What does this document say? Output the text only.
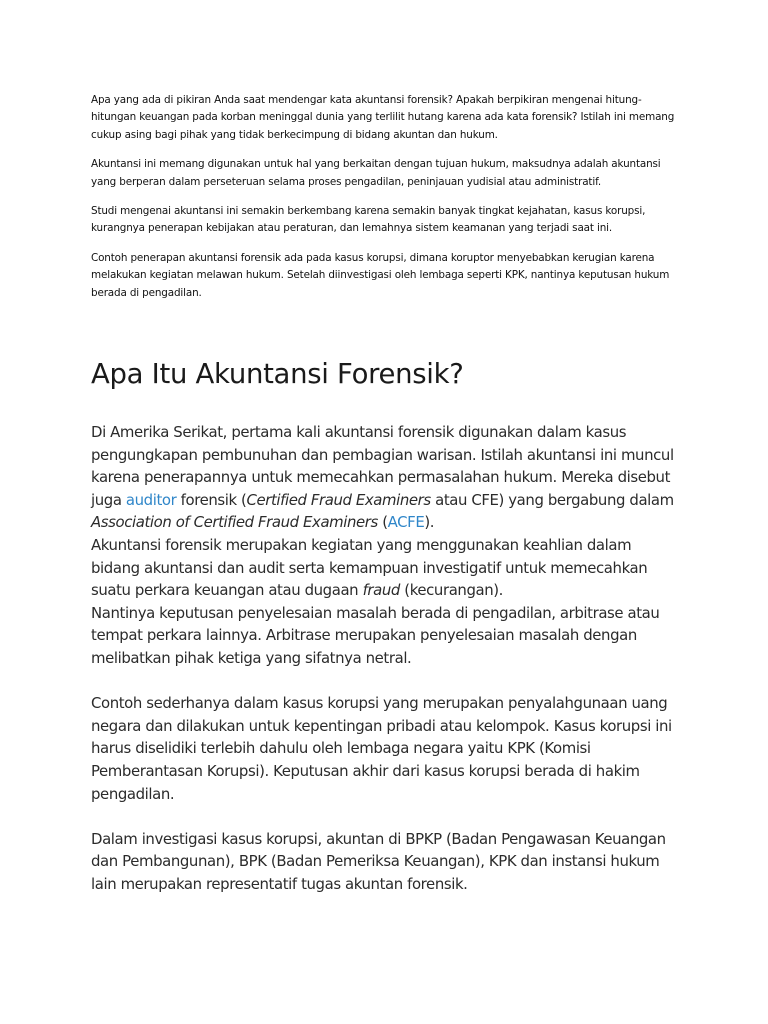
Apa yang ada di pikiran Anda saat mendengar kata akuntansi forensik? Apakah berpikiran mengenai hitung-hitungan keuangan pada korban meninggal dunia yang terlilit hutang karena ada kata forensik? Istilah ini memang cukup asing bagi pihak yang tidak berkecimpung di bidang akuntan dan hukum.

Akuntansi ini memang digunakan untuk hal yang berkaitan dengan tujuan hukum, maksudnya adalah akuntansi yang berperan dalam perseteruan selama proses pengadilan, peninjauan yudisial atau administratif.

Studi mengenai akuntansi ini semakin berkembang karena semakin banyak tingkat kejahatan, kasus korupsi, kurangnya penerapan kebijakan atau peraturan, dan lemahnya sistem keamanan yang terjadi saat ini.

Contoh penerapan akuntansi forensik ada pada kasus korupsi, dimana koruptor menyebabkan kerugian karena melakukan kegiatan melawan hukum. Setelah diinvestigasi oleh lembaga seperti KPK, nantinya keputusan hukum berada di pengadilan.

Apa Itu Akuntansi Forensik?

Di Amerika Serikat, pertama kali akuntansi forensik digunakan dalam kasus pengungkapan pembunuhan dan pembagian warisan. Istilah akuntansi ini muncul karena penerapannya untuk memecahkan permasalahan hukum. Mereka disebut juga auditor forensik (Certified Fraud Examiners atau CFE) yang bergabung dalam Association of Certified Fraud Examiners (ACFE).

Akuntansi forensik merupakan kegiatan yang menggunakan keahlian dalam bidang akuntansi dan audit serta kemampuan investigatif untuk memecahkan suatu perkara keuangan atau dugaan fraud (kecurangan).

Nantinya keputusan penyelesaian masalah berada di pengadilan, arbitrase atau tempat perkara lainnya. Arbitrase merupakan penyelesaian masalah dengan melibatkan pihak ketiga yang sifatnya netral.

Contoh sederhanya dalam kasus korupsi yang merupakan penyalahgunaan uang negara dan dilakukan untuk kepentingan pribadi atau kelompok. Kasus korupsi ini harus diselidiki terlebih dahulu oleh lembaga negara yaitu KPK (Komisi Pemberantasan Korupsi). Keputusan akhir dari kasus korupsi berada di hakim pengadilan.

Dalam investigasi kasus korupsi, akuntan di BPKP (Badan Pengawasan Keuangan dan Pembangunan), BPK (Badan Pemeriksa Keuangan), KPK dan instansi hukum lain merupakan representatif tugas akuntan forensik.
